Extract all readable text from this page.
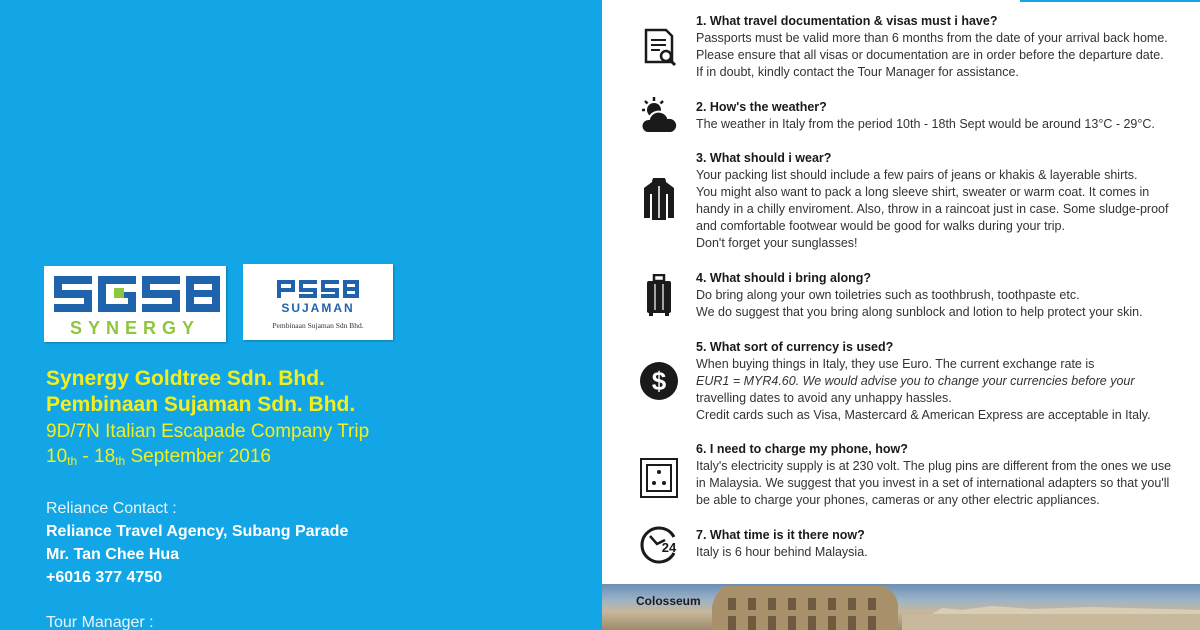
SYNERGY
SUJAMAN
Pembinaan Sujaman Sdn Bhd.
Synergy Goldtree Sdn. Bhd.
Pembinaan Sujaman Sdn. Bhd.
9D/7N Italian Escapade Company Trip
$10_{th} - 18_{th}$ September 2016
Reliance Contact :
Reliance Travel Agency, Subang Parade
Mr. Tan Chee Hua
+6016 377 4750
Tour Manager :
1. What travel documentation & visas must i have?
Passports must be valid more than 6 months from the date of your arrival back home.
Please ensure that all visas or documentation are in order before the departure date.
If in doubt, kindly contact the Tour Manager for assistance.
2. How's the weather?
The weather in Italy from the period 10th - 18th Sept would be around 13°C - 29°C.
3. What should i wear?
Your packing list should include a few pairs of jeans or khakis & layerable shirts.
You might also want to pack a long sleeve shirt, sweater or warm coat. It comes in
handy in a chilly enviroment. Also, throw in a raincoat just in case. Some sludge-proof
and comfortable footwear would be good for walks during your trip.
Don't forget your sunglasses!
4. What should i bring along?
Do bring along your own toiletries such as toothbrush, toothpaste etc.
We do suggest that you bring along sunblock and lotion to help protect your skin.
$
5. What sort of currency is used?
When buying things in Italy, they use Euro. The current exchange rate is
EUR1 = MYR4.60. We would advise you to change your currencies before your
travelling dates to avoid any unhappy hassles.
Credit cards such as Visa, Mastercard & American Express are acceptable in Italy.
6. I need to charge my phone, how?
Italy's electricity supply is at 230 volt. The plug pins are different from the ones we use
in Malaysia. We suggest that you invest in a set of international adapters so that you'll
be able to charge your phones, cameras or any other electric appliances.
24
7. What time is it there now?
Italy is 6 hour behind Malaysia.
Colosseum
